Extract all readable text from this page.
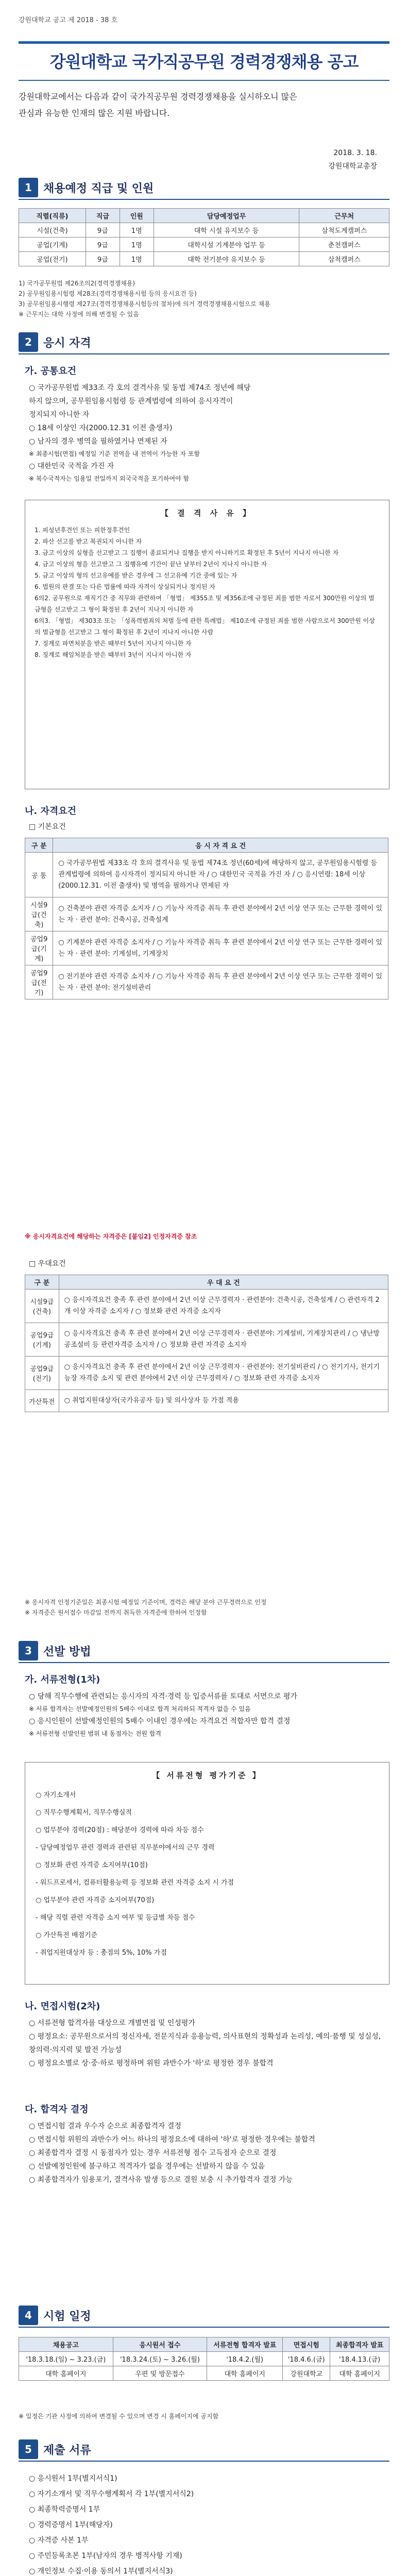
강원대학교 공고 제 2018 - 38 호
강원대학교 국가직공무원 경력경쟁채용 공고
강원대학교에서는 다음과 같이 국가직공무원 경력경쟁채용을 실시하오니 많은
관심과 유능한 인재의 많은 지원 바랍니다.
2018. 3. 18.
강원대학교총장
1	채용예정 직급 및 인원
직렬(직류)	직급	인원	담당예정업무	근무처
시설(건축)	9급	1명	대학 시설 유지보수 등	삼척도계캠퍼스
공업(기계)	9급	1명	대학시설 기계분야 업무 등	춘천캠퍼스
공업(전기)	9급	1명	대학 전기분야 유지보수 등	삼척캠퍼스
1) 국가공무원법 제26조의2(경력경쟁채용)
2) 공무원임용시험령 제28조(경력경쟁채용시험 등의 응시요건 등)
3) 공무원임용시행령 제27조(경력경쟁채용시험등의 절차)에 의거 경력경쟁채용시험으로 채용
※ 근무지는 대학 사정에 의해 변경될 수 있음
2	응시 자격
가. 공통요건
○ 국가공무원법 제33조 각 호의 결격사유 및 동법 제74조 정년에 해당
하지 않으며, 공무원임용시험령 등 관계법령에 의하여 응시자격이
정지되지 아니한 자
○ 18세 이상인 자(2000.12.31 이전 출생자)
○ 남자의 경우 병역을 필하였거나 면제된 자
※ 최종시험(면접) 예정일 기준 전역을 내 전역이 가능한 자 포함
○ 대한민국 국적을 가진 자
※ 복수국적자는 임용일 전일까지 외국국적을 포기하여야 함
【 결 격 사 유 】
1. 피성년후견인 또는 피한정후견인
2. 파산 선고를 받고 복권되지 아니한 자
3. 금고 이상의 실형을 선고받고 그 집행이 종료되거나 집행을 받지 아니하기로 확정된 후 5년이 지나지 아니한 자
4. 금고 이상의 형을 선고받고 그 집행유예 기간이 끝난 날부터 2년이 지나지 아니한 자
5. 금고 이상의 형의 선고유예를 받은 경우에 그 선고유예 기간 중에 있는 자
6. 법원의 판결 또는 다른 법률에 따라 자격이 상실되거나 정지된 자
6의2. 공무원으로 재직기간 중 직무와 관련하여 「형법」 제355조 및 제356조에 규정된 죄를 범한 자로서 300만원 이상의 벌금형을 선고받고 그 형이 확정된 후 2년이 지나지 아니한 자
6의3. 「형법」 제303조 또는 「성폭력범죄의 처벌 등에 관한 특례법」 제10조에 규정된 죄를 범한 사람으로서 300만원 이상의 벌금형을 선고받고 그 형이 확정된 후 2년이 지나지 아니한 사람
7. 징계로 파면처분을 받은 때부터 5년이 지나지 아니한 자
8. 징계로 해임처분을 받은 때부터 3년이 지나지 아니한 자
나. 자격요건
□ 기본요건
구 분	응 시 자 격 요 건
공 통	○ 국가공무원법 제33조 각 호의 결격사유 및 동법 제74조 정년(60세)에 해당하지 않고, 공무원임용시험령 등 관계법령에 의하여 응시자격이 정지되지 아니한 자 / ○ 대한민국 국적을 가진 자 / ○ 응시연령: 18세 이상(2000.12.31. 이전 출생자) 및 병역을 필하거나 면제된 자
시설9급(건축)	○ 건축분야 관련 자격증 소지자 / ○ 기능사 자격증 취득 후 관련 분야에서 2년 이상 연구 또는 근무한 경력이 있는 자 · 관련 분야: 건축시공, 건축설계
공업9급(기계)	○ 기계분야 관련 자격증 소지자 / ○ 기능사 자격증 취득 후 관련 분야에서 2년 이상 연구 또는 근무한 경력이 있는 자 · 관련 분야: 기계설비, 기계장치
공업9급(전기)	○ 전기분야 관련 자격증 소지자 / ○ 기능사 자격증 취득 후 관련 분야에서 2년 이상 연구 또는 근무한 경력이 있는 자 · 관련 분야: 전기설비관리
※ 응시자격요건에 해당하는 자격증은 [붙임2] 인정자격증 참조
□ 우대요건
구 분	우 대 요 건
시설9급(건축)	○ 응시자격요건 충족 후 관련 분야에서 2년 이상 근무경력자 · 관련분야: 건축시공, 건축설계 / ○ 관련자격 2개 이상 자격증 소지자 / ○ 정보화 관련 자격증 소지자
공업9급(기계)	○ 응시자격요건 충족 후 관련 분야에서 2년 이상 근무경력자 · 관련분야: 기계설비, 기계장치관리 / ○ 냉난방공조설비 등 관련자격증 소지자 / ○ 정보화 관련 자격증 소지자
공업9급(전기)	○ 응시자격요건 충족 후 관련 분야에서 2년 이상 근무경력자 · 관련분야: 전기설비관리 / ○ 전기기사, 전기기능장 자격증 소지 및 관련 분야에서 2년 이상 근무경력자 / ○ 정보화 관련 자격증 소지자
가산특전	○ 취업지원대상자(국가유공자 등) 및 의사상자 등 가점 적용
※ 응시자격 인정기준일은 최종시험 예정일 기준이며, 경력은 해당 분야 근무경력으로 인정
※ 자격증은 원서접수 마감일 전까지 취득한 자격증에 한하여 인정함
3	선발 방법
가. 서류전형(1차)
○ 당해 직무수행에 관련되는 응시자의 자격·경력 등 입증서류를 토대로 서면으로 평가
※ 서류 합격자는 선발예정인원의 5배수 이내로 합격 처리하되 적격자 없을 수 있음
○ 응시인원이 선발예정인원의 5배수 이내인 경우에는 자격요건 적합자만 합격 결정
※ 서류전형 선발인원 범위 내 동점자는 전원 합격
【 서류전형 평가기준 】
○ 자기소개서
○ 직무수행계획서, 직무수행실적
○ 업무분야 경력(20점) : 해당분야 경력에 따라 차등 점수
- 담당예정업무 관련 경력과 관련된 직무분야에서의 근무 경력
○ 정보화 관련 자격증 소지여부(10점)
- 워드프로세서, 컴퓨터활용능력 등 정보화 관련 자격증 소지 시 가점
○ 업무분야 관련 자격증 소지여부(70점)
- 해당 직렬 관련 자격증 소지 여부 및 등급별 차등 점수
○ 가산특전 배점기준
- 취업지원대상자 등 : 총점의 5%, 10% 가점
나. 면접시험(2차)
○ 서류전형 합격자를 대상으로 개별면접 및 인성평가
○ 평정요소: 공무원으로서의 정신자세, 전문지식과 응용능력, 의사표현의 정확성과 논리성, 예의·품행 및 성실성, 창의력·의지력 및 발전 가능성
○ 평정요소별로 상·중·하로 평정하며 위원 과반수가 '하'로 평정한 경우 불합격
다. 합격자 결정
○ 면접시험 결과 우수자 순으로 최종합격자 결정
○ 면접시험 위원의 과반수가 어느 하나의 평정요소에 대하여 '하'로 평정한 경우에는 불합격
○ 최종합격자 결정 시 동점자가 있는 경우 서류전형 점수 고득점자 순으로 결정
○ 선발예정인원에 불구하고 적격자가 없을 경우에는 선발하지 않을 수 있음
○ 최종합격자가 임용포기, 결격사유 발생 등으로 결원 보충 시 추가합격자 결정 가능
4	시험 일정
채용공고	응시원서 접수	서류전형 합격자 발표	면접시험	최종합격자 발표
'18.3.18.(일) ~ 3.23.(금)	'18.3.24.(토) ~ 3.26.(월)	'18.4.2.(월)	'18.4.6.(금)	'18.4.13.(금)
대학 홈페이지	우편 및 방문접수	대학 홈페이지	강원대학교	대학 홈페이지
※ 일정은 기관 사정에 의하여 변경될 수 있으며 변경 시 홈페이지에 공지함
5	제출 서류
○ 응시원서 1부(별지서식1)
○ 자기소개서 및 직무수행계획서 각 1부(별지서식2)
○ 최종학력증명서 1부
○ 경력증명서 1부(해당자)
○ 자격증 사본 1부
○ 주민등록초본 1부(남자의 경우 병적사항 기재)
○ 개인정보 수집·이용 동의서 1부(별지서식3)
